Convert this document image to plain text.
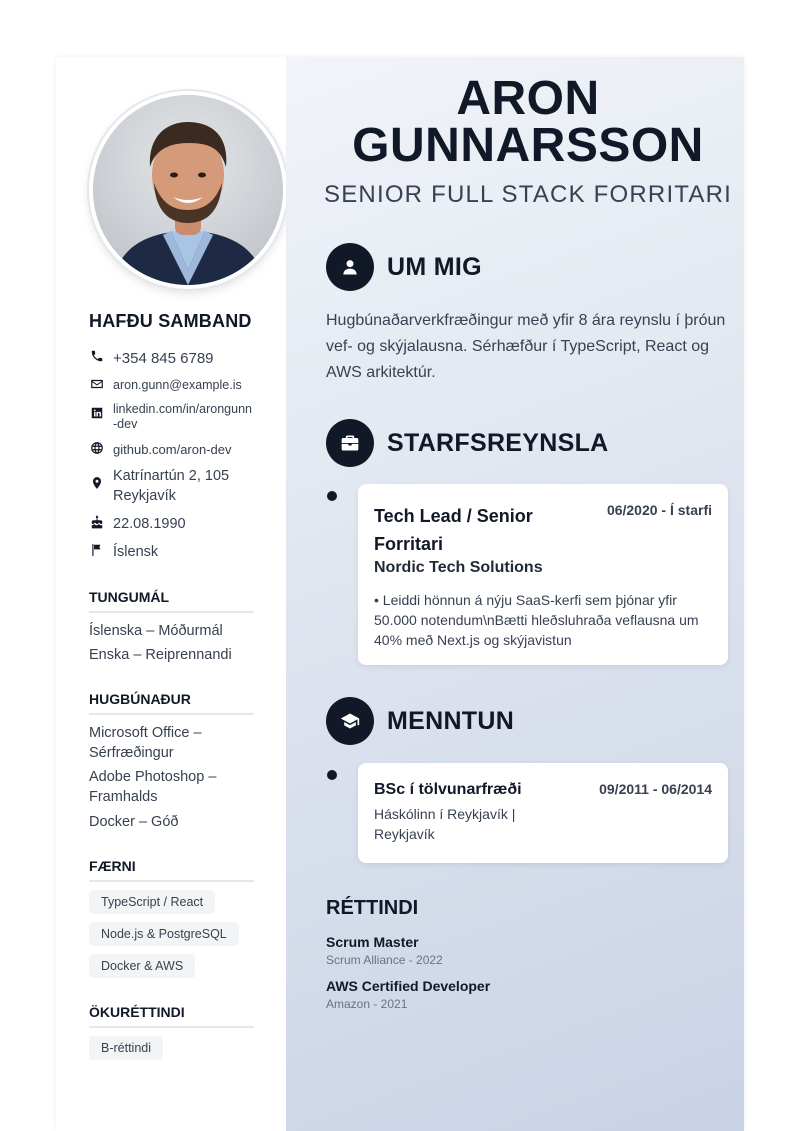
HAFÐU SAMBAND
+354 845 6789
aron.gunn@example.is
linkedin.com/in/arongunn-dev
github.com/aron-dev
Katrínartún 2, 105 Reykjavík
22.08.1990
Íslensk
TUNGUMÁL
Íslenska – Móðurmál
Enska – Reiprennandi
HUGBÚNAÐUR
Microsoft Office – Sérfræðingur
Adobe Photoshop – Framhalds
Docker – Góð
FÆRNI
TypeScript / React
Node.js & PostgreSQL
Docker & AWS
ÖKURÉTTINDI
B-réttindi
ARON
GUNNARSSON
SENIOR FULL STACK FORRITARI
UM MIG
Hugbúnaðarverkfræðingur með yfir 8 ára reynslu í þróun vef- og skýjalausna. Sérhæfður í TypeScript, React og AWS arkitektúr.
STARFSREYNSLA
Tech Lead / Senior Forritari
06/2020 - Í starfi
Nordic Tech Solutions
• Leiddi hönnun á nýju SaaS-kerfi sem þjónar yfir 50.000 notendum\nBætti hleðsluhraða veflausna um 40% með Next.js og skýjavistun
MENNTUN
BSc í tölvunarfræði	09/2011 - 06/2014
Háskólinn í Reykjavík | Reykjavík
RÉTTINDI
Scrum Master
Scrum Alliance - 2022
AWS Certified Developer
Amazon - 2021
